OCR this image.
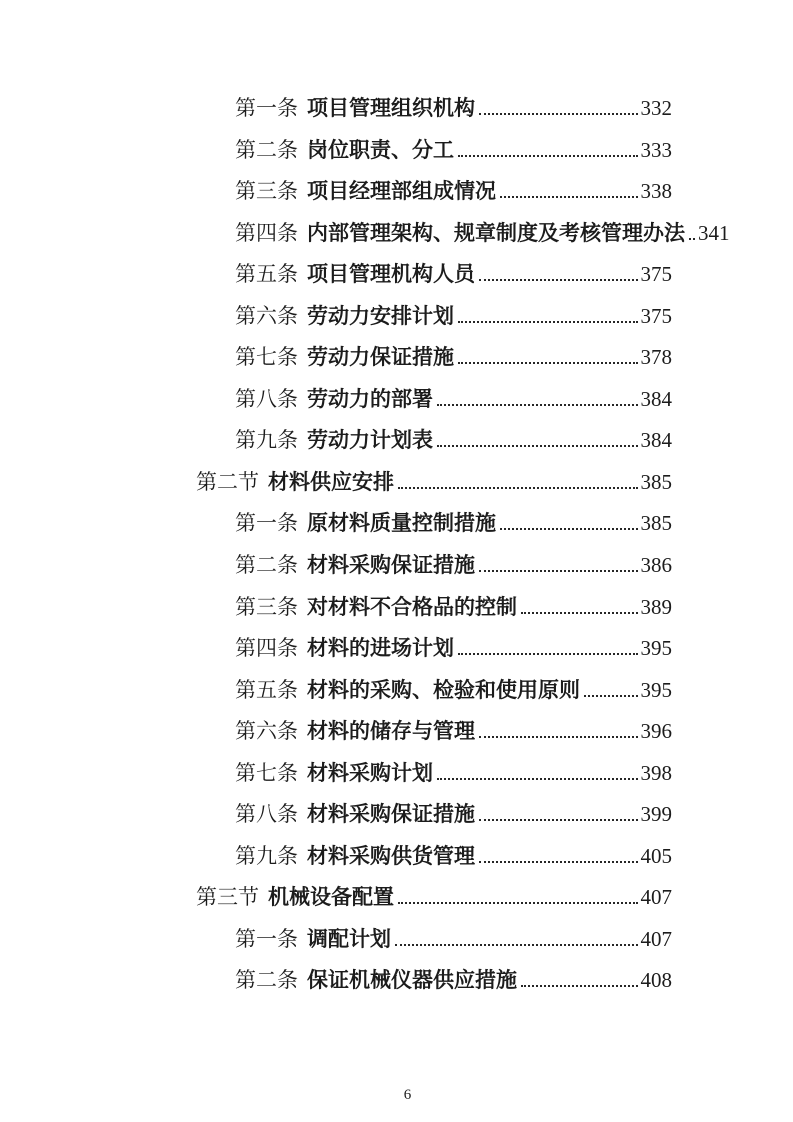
第一条 项目管理组织机构	332
第二条 岗位职责、分工	333
第三条 项目经理部组成情况	338
第四条 内部管理架构、规章制度及考核管理办法 341
第五条 项目管理机构人员	375
第六条 劳动力安排计划	375
第七条 劳动力保证措施	378
第八条 劳动力的部署	384
第九条 劳动力计划表	384
第二节 材料供应安排	385
第一条 原材料质量控制措施	385
第二条 材料采购保证措施	386
第三条 对材料不合格品的控制	389
第四条 材料的进场计划	395
第五条 材料的采购、检验和使用原则	395
第六条 材料的储存与管理	396
第七条 材料采购计划	398
第八条 材料采购保证措施	399
第九条 材料采购供货管理	405
第三节 机械设备配置	407
第一条 调配计划	407
第二条 保证机械仪器供应措施	408
6
